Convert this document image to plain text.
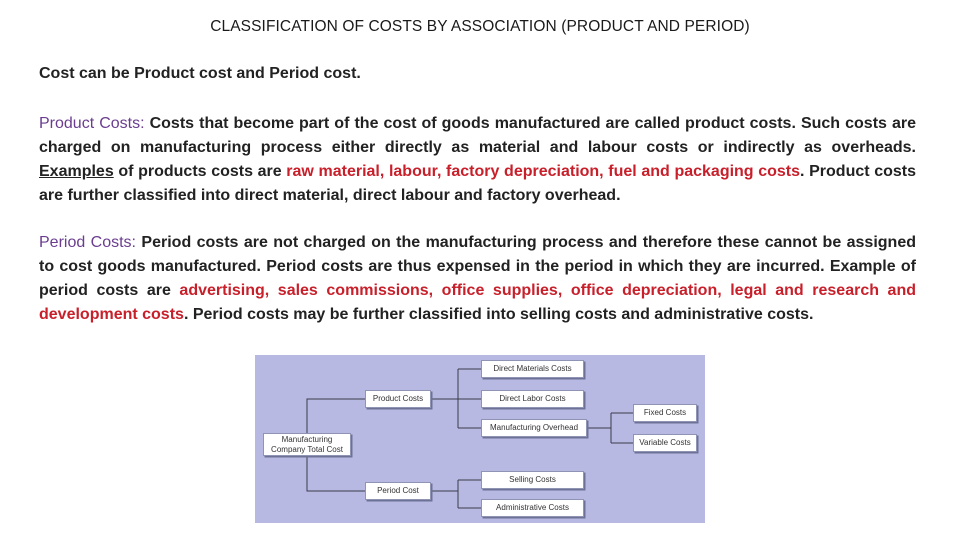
CLASSIFICATION OF COSTS BY ASSOCIATION (PRODUCT AND PERIOD)
Cost can be Product cost and Period cost.
Product Costs: Costs that become part of the cost of goods manufactured are called product costs. Such costs are charged on manufacturing process either directly as material and labour costs or indirectly as overheads. Examples of products costs are raw material, labour, factory depreciation, fuel and packaging costs. Product costs are further classified into direct material, direct labour and factory overhead.
Period Costs: Period costs are not charged on the manufacturing process and therefore these cannot be assigned to cost goods manufactured. Period costs are thus expensed in the period in which they are incurred. Example of period costs are advertising, sales commissions, office supplies, office depreciation, legal and research and development costs. Period costs may be further classified into selling costs and administrative costs.
Manufacturing Company Total Cost
Product Costs
Period Cost
Direct Materials Costs
Direct Labor Costs
Manufacturing Overhead
Fixed Costs
Variable Costs
Selling Costs
Administrative Costs
